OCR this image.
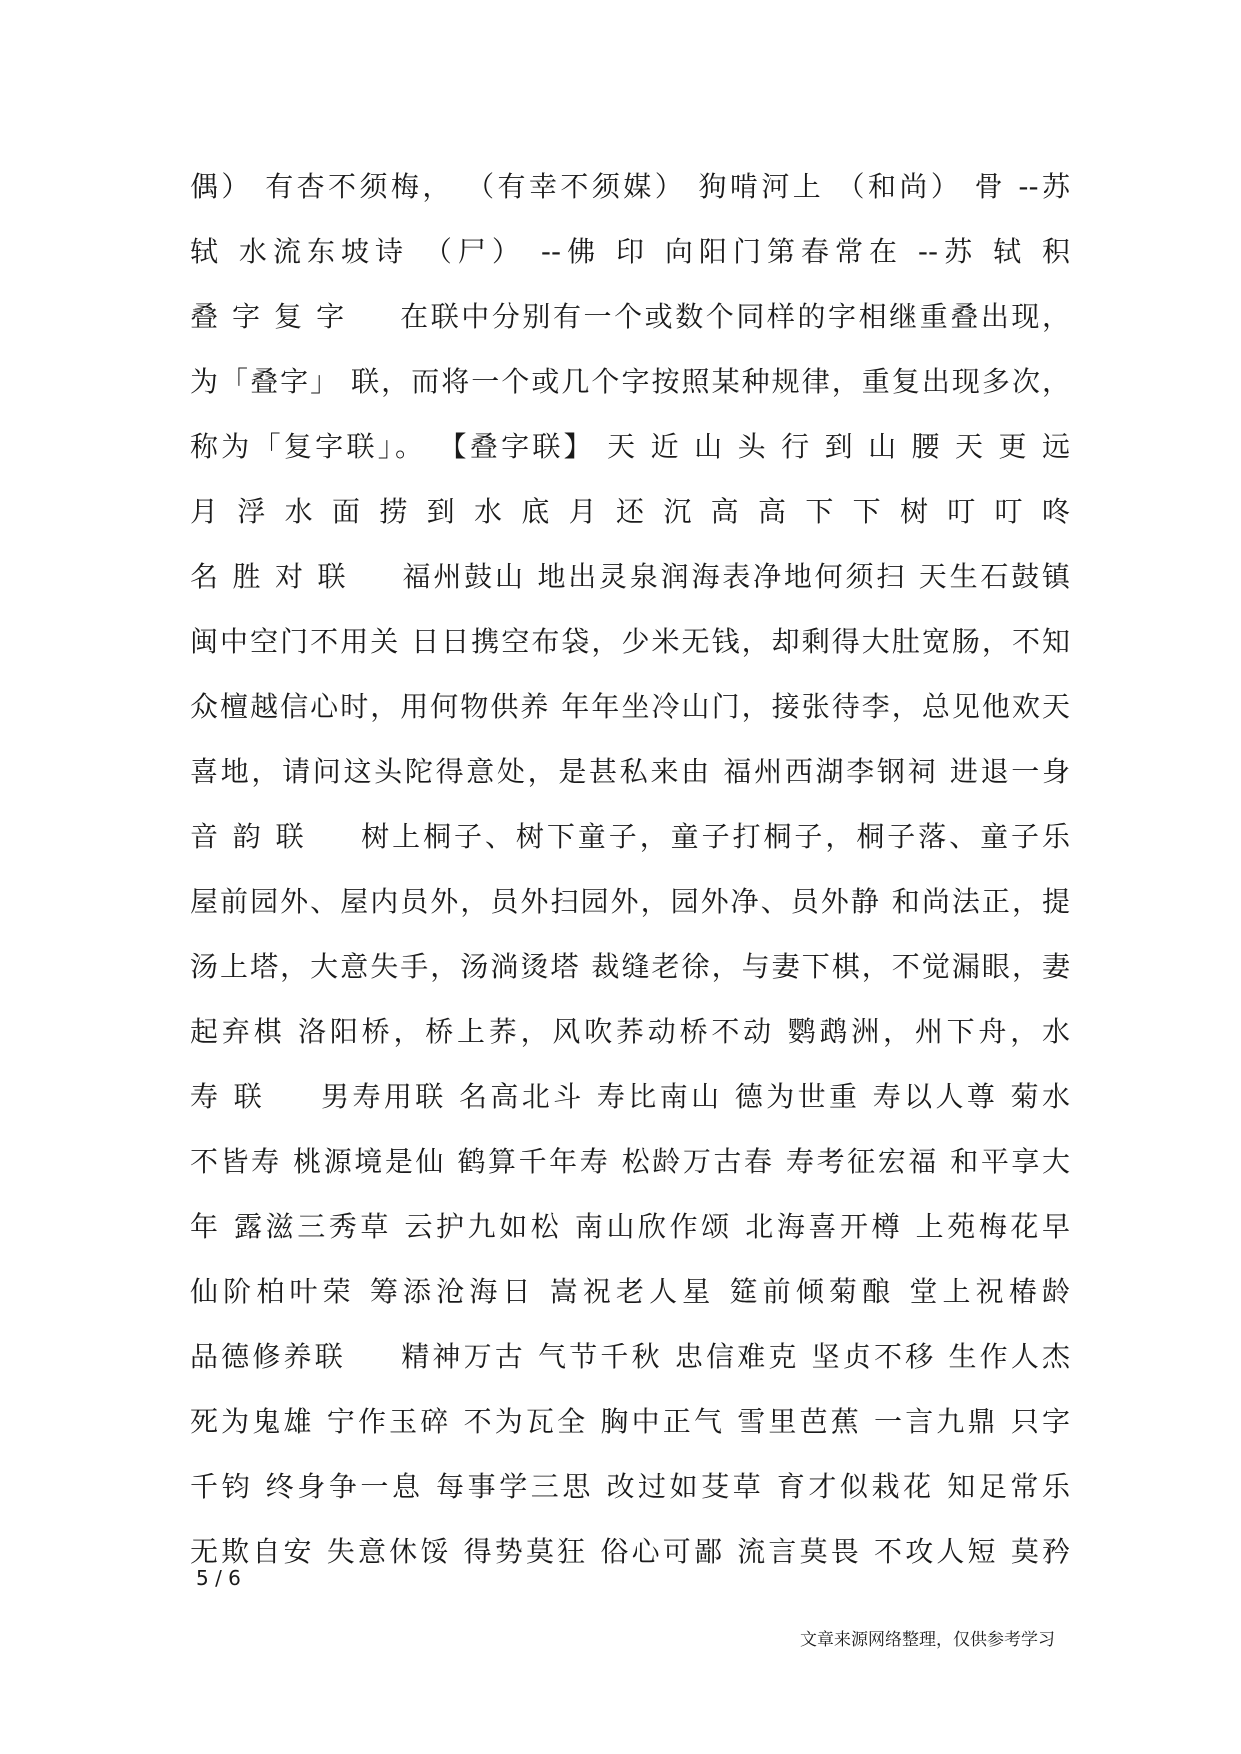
偶） 有杏不须梅， （有幸不须媒） 狗啃河上 （和尚） 骨 --苏
轼 水流东坡诗 （尸） --佛 印 向阳门第春常在 --苏 轼 积
叠 字 复 字 　 在联中分别有一个或数个同样的字相继重叠出现，
为「叠字」 联，而将一个或几个字按照某种规律，重复出现多次，
称为「复字联」。 【叠字联】 天 近 山 头 行 到 山 腰 天 更 远
月 浮 水 面 捞 到 水 底 月 还 沉 高 高 下 下 树 叮 叮 咚
名 胜 对 联 　 福州鼓山 地出灵泉润海表净地何须扫 天生石鼓镇
闽中空门不用关 日日携空布袋，少米无钱，却剩得大肚宽肠，不知
众檀越信心时，用何物供养 年年坐冷山门，接张待李，总见他欢天
喜地，请问这头陀得意处，是甚私来由 福州西湖李钢祠 进退一身
音 韵 联 　 树上桐子、树下童子，童子打桐子，桐子落、童子乐
屋前园外、屋内员外，员外扫园外，园外净、员外静 和尚法正，提
汤上塔，大意失手，汤淌烫塔 裁缝老徐，与妻下棋，不觉漏眼，妻
起弃棋 洛阳桥，桥上荞，风吹荞动桥不动 鹦鹉洲，州下舟，水
寿 联 　 男寿用联 名高北斗 寿比南山 德为世重 寿以人尊 菊水
不皆寿 桃源境是仙 鹤算千年寿 松龄万古春 寿考征宏福 和平享大
年 露滋三秀草 云护九如松 南山欣作颂 北海喜开樽 上苑梅花早
仙阶柏叶荣 筹添沧海日 嵩祝老人星 筵前倾菊酿 堂上祝椿龄
品德修养联 　 精神万古 气节千秋 忠信难克 坚贞不移 生作人杰
死为鬼雄 宁作玉碎 不为瓦全 胸中正气 雪里芭蕉 一言九鼎 只字
千钧 终身争一息 每事学三思 改过如芟草 育才似栽花 知足常乐
无欺自安 失意休馁 得势莫狂 俗心可鄙 流言莫畏 不攻人短 莫矜
5 / 6
文章来源网络整理，仅供参考学习
